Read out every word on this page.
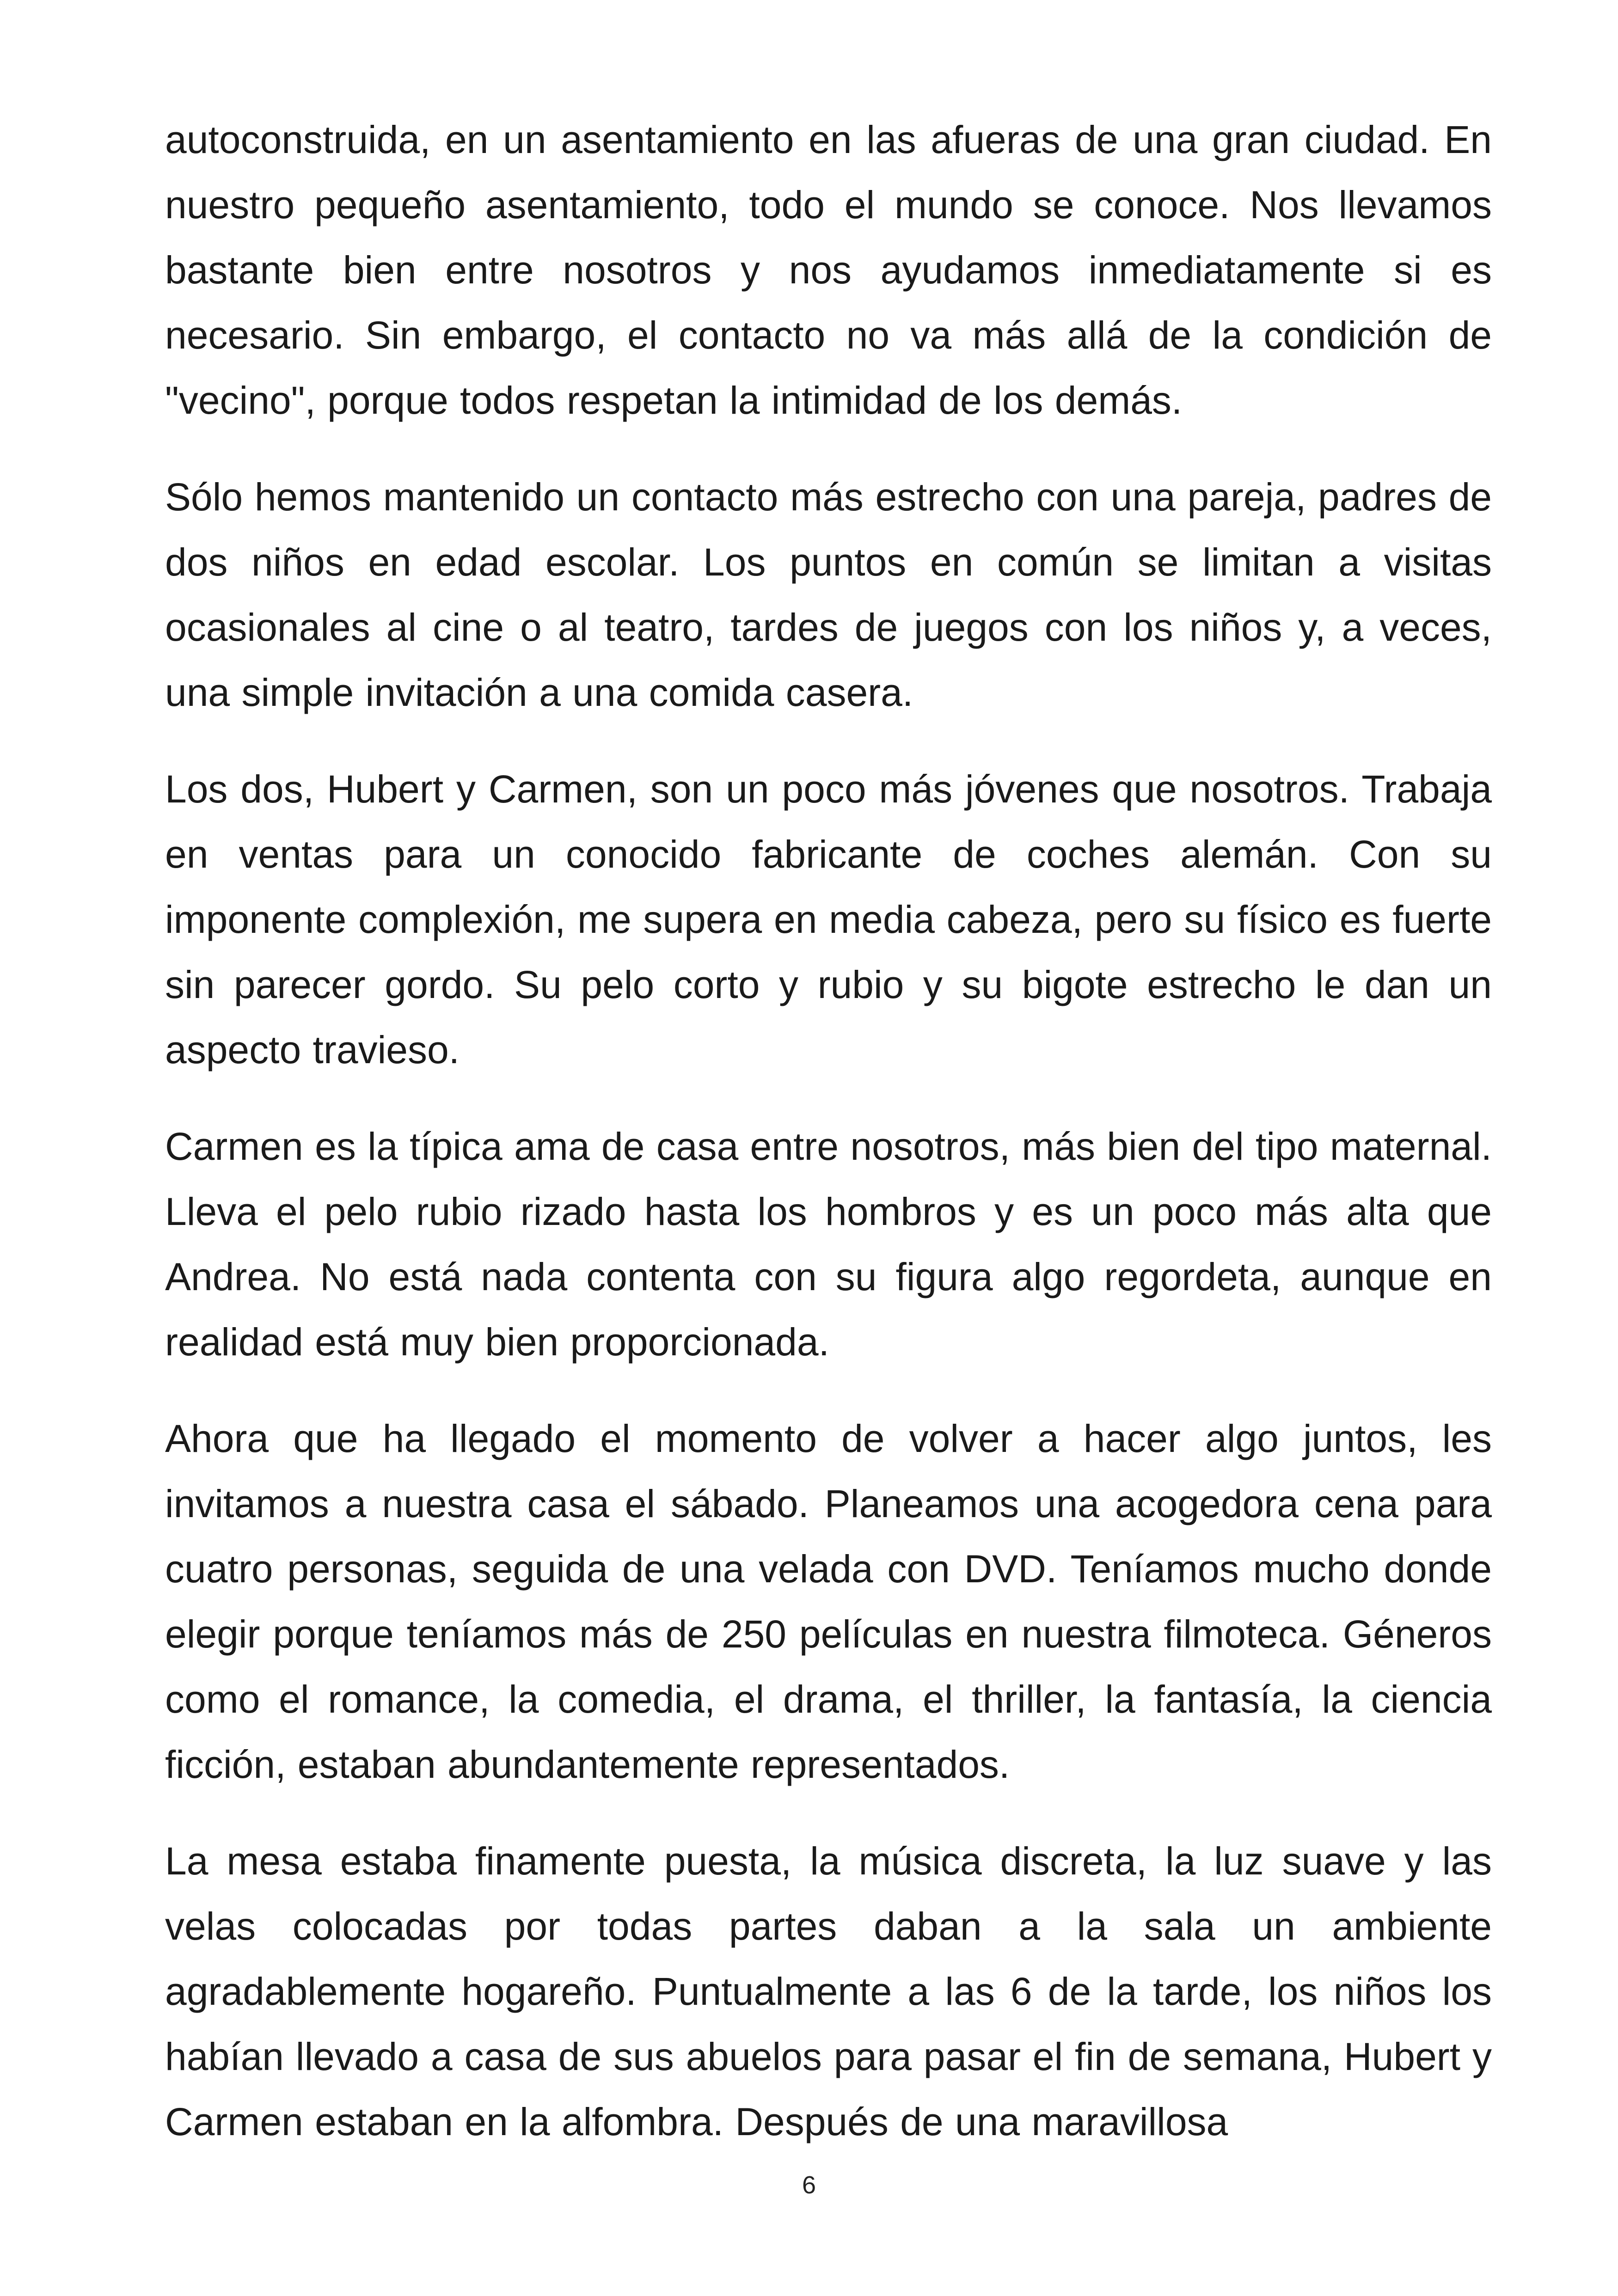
autoconstruida, en un asentamiento en las afueras de una gran ciudad. En nuestro pequeño asentamiento, todo el mundo se conoce. Nos llevamos bastante bien entre nosotros y nos ayudamos inmediatamente si es necesario. Sin embargo, el contacto no va más allá de la condición de "vecino", porque todos respetan la intimidad de los demás.

Sólo hemos mantenido un contacto más estrecho con una pareja, padres de dos niños en edad escolar. Los puntos en común se limitan a visitas ocasionales al cine o al teatro, tardes de juegos con los niños y, a veces, una simple invitación a una comida casera.

Los dos, Hubert y Carmen, son un poco más jóvenes que nosotros. Trabaja en ventas para un conocido fabricante de coches alemán. Con su imponente complexión, me supera en media cabeza, pero su físico es fuerte sin parecer gordo. Su pelo corto y rubio y su bigote estrecho le dan un aspecto travieso.

Carmen es la típica ama de casa entre nosotros, más bien del tipo maternal. Lleva el pelo rubio rizado hasta los hombros y es un poco más alta que Andrea. No está nada contenta con su figura algo regordeta, aunque en realidad está muy bien proporcionada.

Ahora que ha llegado el momento de volver a hacer algo juntos, les invitamos a nuestra casa el sábado. Planeamos una acogedora cena para cuatro personas, seguida de una velada con DVD. Teníamos mucho donde elegir porque teníamos más de 250 películas en nuestra filmoteca. Géneros como el romance, la comedia, el drama, el thriller, la fantasía, la ciencia ficción, estaban abundantemente representados.

La mesa estaba finamente puesta, la música discreta, la luz suave y las velas colocadas por todas partes daban a la sala un ambiente agradablemente hogareño. Puntualmente a las 6 de la tarde, los niños los habían llevado a casa de sus abuelos para pasar el fin de semana, Hubert y Carmen estaban en la alfombra. Después de una maravillosa

6
